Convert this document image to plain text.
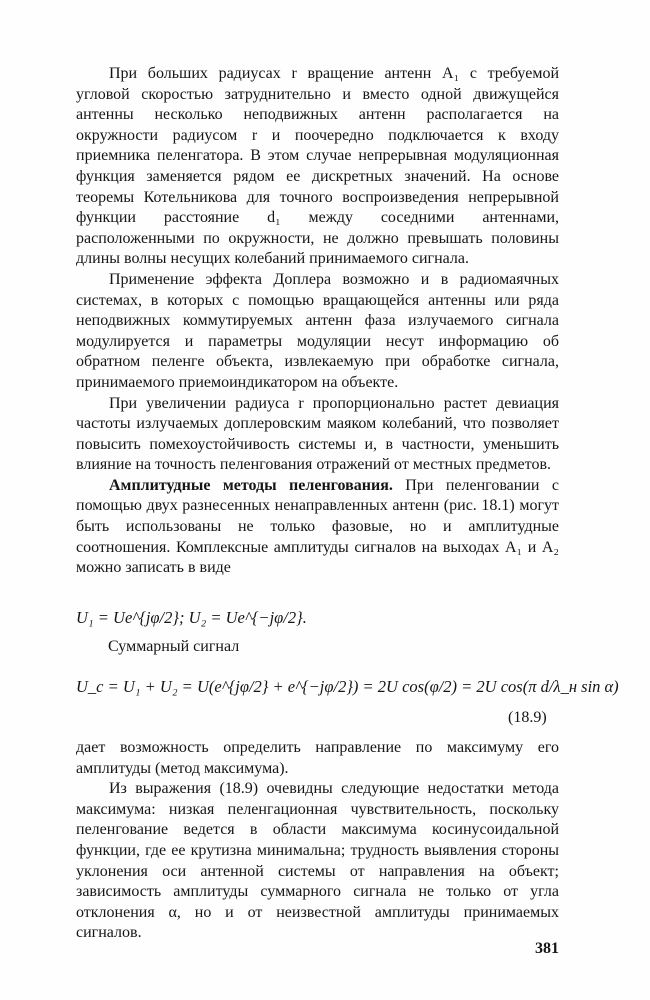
При больших радиусах r вращение антенн A₁ с требуемой угловой скоростью затруднительно и вместо одной движущейся антенны несколько неподвижных антенн располагается на окружности радиусом r и поочередно подключается к входу приемника пеленгатора. В этом случае непрерывная модуляционная функция заменяется рядом ее дискретных значений. На основе теоремы Котельникова для точного воспроизведения непрерывной функции расстояние d₁ между соседними антеннами, расположенными по окружности, не должно превышать половины длины волны несущих колебаний принимаемого сигнала.

Применение эффекта Доплера возможно и в радиомаячных системах, в которых с помощью вращающейся антенны или ряда неподвижных коммутируемых антенн фаза излучаемого сигнала модулируется и параметры модуляции несут информацию об обратном пеленге объекта, извлекаемую при обработке сигнала, принимаемого приемоиндикатором на объекте.

При увеличении радиуса r пропорционально растет девиация частоты излучаемых доплеровским маяком колебаний, что позволяет повысить помехоустойчивость системы и, в частности, уменьшить влияние на точность пеленгования отражений от местных предметов.

Амплитудные методы пеленгования. При пеленговании с помощью двух разнесенных ненаправленных антенн (рис. 18.1) могут быть использованы не только фазовые, но и амплитудные соотношения. Комплексные амплитуды сигналов на выходах A₁ и A₂ можно записать в виде

U₁ = Ue^{jφ/2}; U₂ = Ue^{−jφ/2}.
Суммарный сигнал
U_c = U₁ + U₂ = U(e^{jφ/2} + e^{−jφ/2}) = 2U cos(φ/2) = 2U cos(π d/λ_н sin α)
(18.9)

дает возможность определить направление по максимуму его амплитуды (метод максимума).

Из выражения (18.9) очевидны следующие недостатки метода максимума: низкая пеленгационная чувствительность, поскольку пеленгование ведется в области максимума косинусоидальной функции, где ее крутизна минимальна; трудность выявления стороны уклонения оси антенной системы от направления на объект; зависимость амплитуды суммарного сигнала не только от угла отклонения α, но и от неизвестной амплитуды принимаемых сигналов.

381
